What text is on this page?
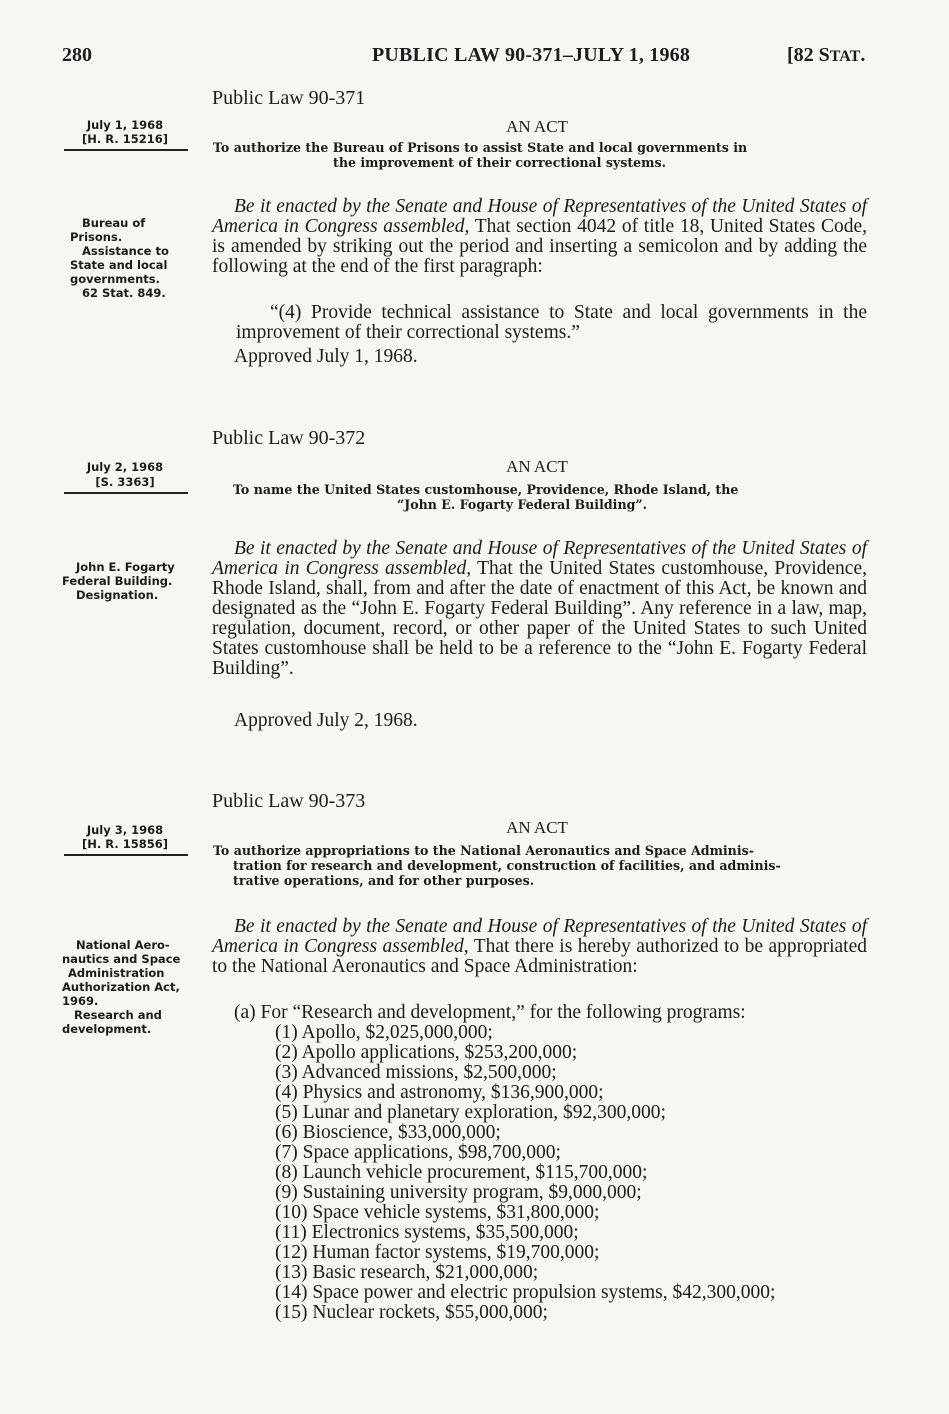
280	PUBLIC LAW 90-371–JULY 1, 1968	[82 STAT.
Public Law 90-371
July 1, 1968
[H. R. 15216]
AN ACT
To authorize the Bureau of Prisons to assist State and local governments in
the improvement of their correctional systems.
Bureau of
Prisons.
Assistance to
State and local
governments.
62 Stat. 849.
Be it enacted by the Senate and House of Representatives of the United States of America in Congress assembled, That section 4042 of title 18, United States Code, is amended by striking out the period and inserting a semicolon and by adding the following at the end of the first paragraph:
“(4) Provide technical assistance to State and local governments in the improvement of their correctional systems.”
Approved July 1, 1968.
Public Law 90-372
July 2, 1968
[S. 3363]
AN ACT
To name the United States customhouse, Providence, Rhode Island, the
“John E. Fogarty Federal Building”.
John E. Fogarty
Federal Building.
Designation.
Be it enacted by the Senate and House of Representatives of the United States of America in Congress assembled, That the United States customhouse, Providence, Rhode Island, shall, from and after the date of enactment of this Act, be known and designated as the “John E. Fogarty Federal Building”. Any reference in a law, map, regulation, document, record, or other paper of the United States to such United States customhouse shall be held to be a reference to the “John E. Fogarty Federal Building”.
Approved July 2, 1968.
Public Law 90-373
July 3, 1968
[H. R. 15856]
AN ACT
To authorize appropriations to the National Aeronautics and Space Adminis-
tration for research and development, construction of facilities, and adminis-
trative operations, and for other purposes.
National Aero-
nautics and Space
Administration
Authorization Act,
1969.
Research and
development.
Be it enacted by the Senate and House of Representatives of the United States of America in Congress assembled, That there is hereby authorized to be appropriated to the National Aeronautics and Space Administration:
(a) For “Research and development,” for the following programs:
(1) Apollo, $2,025,000,000;
(2) Apollo applications, $253,200,000;
(3) Advanced missions, $2,500,000;
(4) Physics and astronomy, $136,900,000;
(5) Lunar and planetary exploration, $92,300,000;
(6) Bioscience, $33,000,000;
(7) Space applications, $98,700,000;
(8) Launch vehicle procurement, $115,700,000;
(9) Sustaining university program, $9,000,000;
(10) Space vehicle systems, $31,800,000;
(11) Electronics systems, $35,500,000;
(12) Human factor systems, $19,700,000;
(13) Basic research, $21,000,000;
(14) Space power and electric propulsion systems, $42,300,000;
(15) Nuclear rockets, $55,000,000;
